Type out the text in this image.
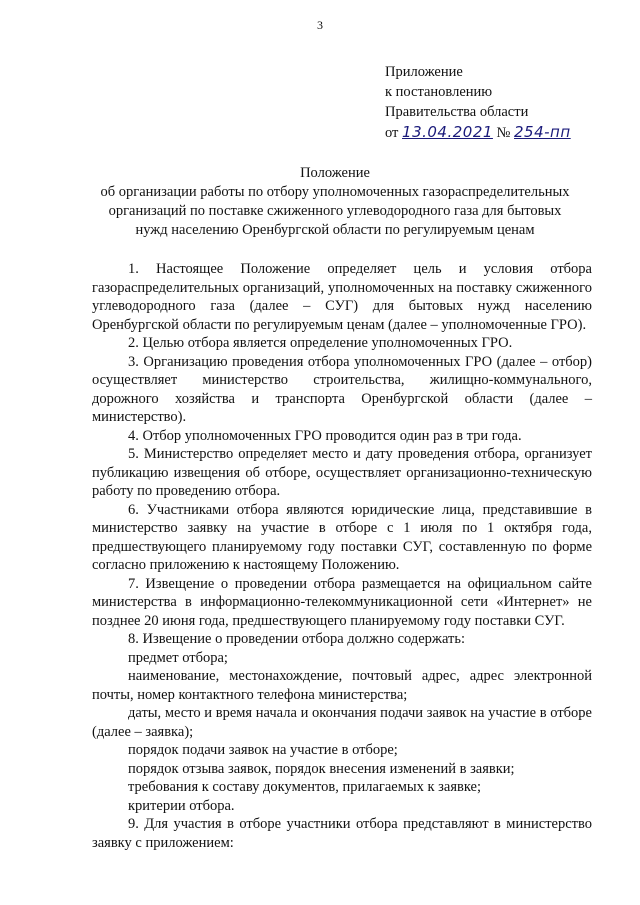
3
Приложение
к постановлению
Правительства области
от 13.04.2021 № 254-пп
Положение
об организации работы по отбору уполномоченных газораспределительных
организаций по поставке сжиженного углеводородного газа для бытовых
нужд населению Оренбургской области по регулируемым ценам

1. Настоящее Положение определяет цель и условия отбора газораспределительных организаций, уполномоченных на поставку сжиженного углеводородного газа (далее – СУГ) для бытовых нужд населению Оренбургской области по регулируемым ценам (далее – уполномоченные ГРО).

2. Целью отбора является определение уполномоченных ГРО.

3. Организацию проведения отбора уполномоченных ГРО (далее – отбор) осуществляет министерство строительства, жилищно-коммунального, дорожного хозяйства и транспорта Оренбургской области (далее – министерство).

4. Отбор уполномоченных ГРО проводится один раз в три года.

5. Министерство определяет место и дату проведения отбора, организует публикацию извещения об отборе, осуществляет организационно-техническую работу по проведению отбора.

6. Участниками отбора являются юридические лица, представившие в министерство заявку на участие в отборе с 1 июля по 1 октября года, предшествующего планируемому году поставки СУГ, составленную по форме согласно приложению к настоящему Положению.

7. Извещение о проведении отбора размещается на официальном сайте министерства в информационно-телекоммуникационной сети «Интернет» не позднее 20 июня года, предшествующего планируемому году поставки СУГ.

8. Извещение о проведении отбора должно содержать:

предмет отбора;

наименование, местонахождение, почтовый адрес, адрес электронной почты, номер контактного телефона министерства;

даты, место и время начала и окончания подачи заявок на участие в отборе (далее – заявка);

порядок подачи заявок на участие в отборе;

порядок отзыва заявок, порядок внесения изменений в заявки;

требования к составу документов, прилагаемых к заявке;

критерии отбора.

9. Для участия в отборе участники отбора представляют в министерство заявку с приложением:
